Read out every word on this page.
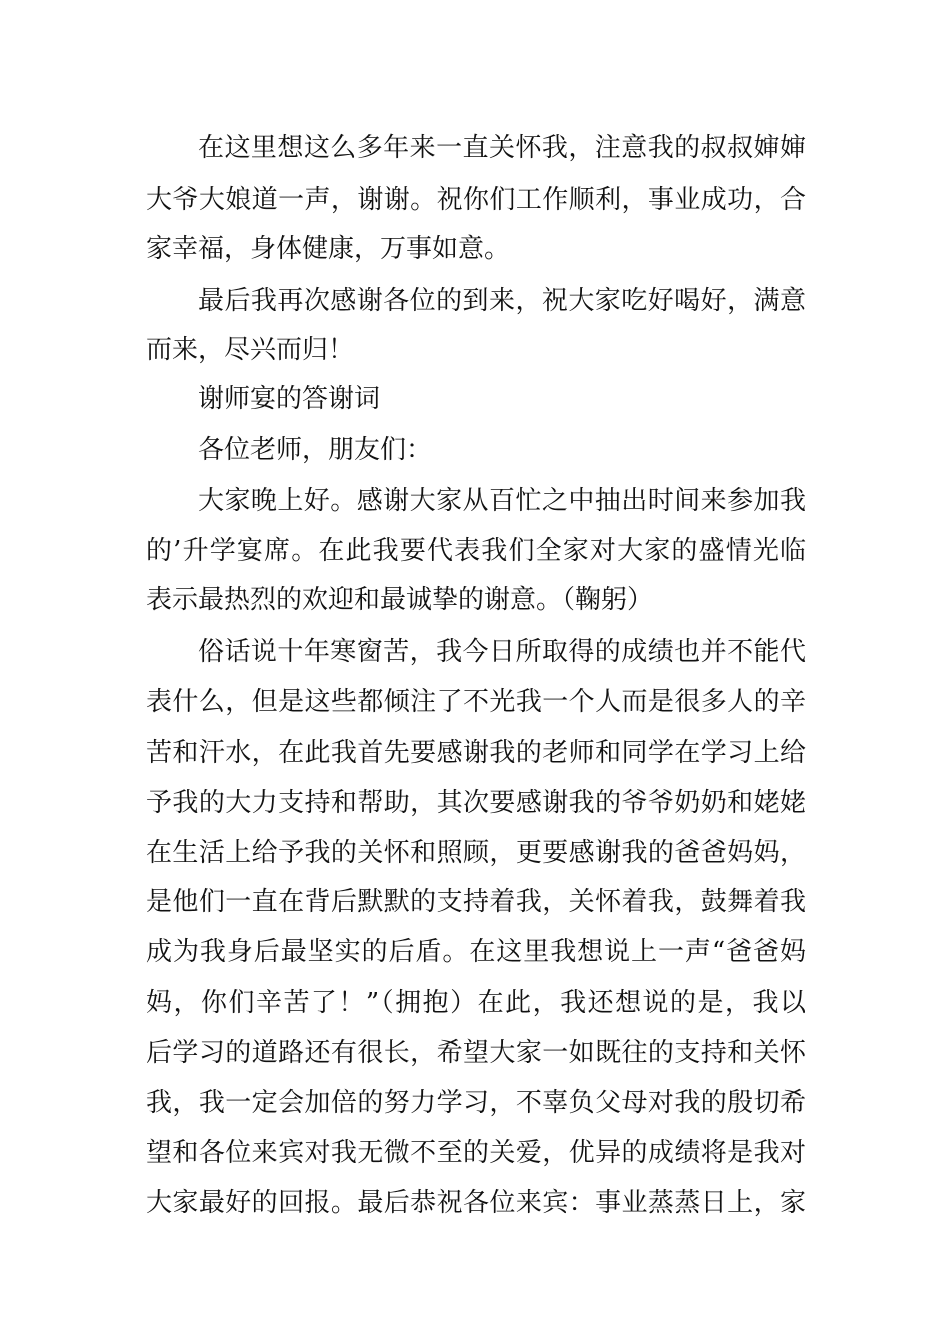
在这里想这么多年来一直关怀我，注意我的叔叔婶婶
大爷大娘道一声，谢谢。祝你们工作顺利，事业成功，合
家幸福，身体健康，万事如意。
最后我再次感谢各位的到来，祝大家吃好喝好，满意
而来，尽兴而归！
谢师宴的答谢词
各位老师，朋友们：
大家晚上好。感谢大家从百忙之中抽出时间来参加我
的’升学宴席。在此我要代表我们全家对大家的盛情光临
表示最热烈的欢迎和最诚挚的谢意。（鞠躬）
俗话说十年寒窗苦，我今日所取得的成绩也并不能代
表什么，但是这些都倾注了不光我一个人而是很多人的辛
苦和汗水，在此我首先要感谢我的老师和同学在学习上给
予我的大力支持和帮助，其次要感谢我的爷爷奶奶和姥姥
在生活上给予我的关怀和照顾，更要感谢我的爸爸妈妈，
是他们一直在背后默默的支持着我，关怀着我，鼓舞着我
成为我身后最坚实的后盾。在这里我想说上一声“爸爸妈
妈，你们辛苦了！”（拥抱）在此，我还想说的是，我以
后学习的道路还有很长，希望大家一如既往的支持和关怀
我，我一定会加倍的努力学习，不辜负父母对我的殷切希
望和各位来宾对我无微不至的关爱，优异的成绩将是我对
大家最好的回报。最后恭祝各位来宾：事业蒸蒸日上，家
